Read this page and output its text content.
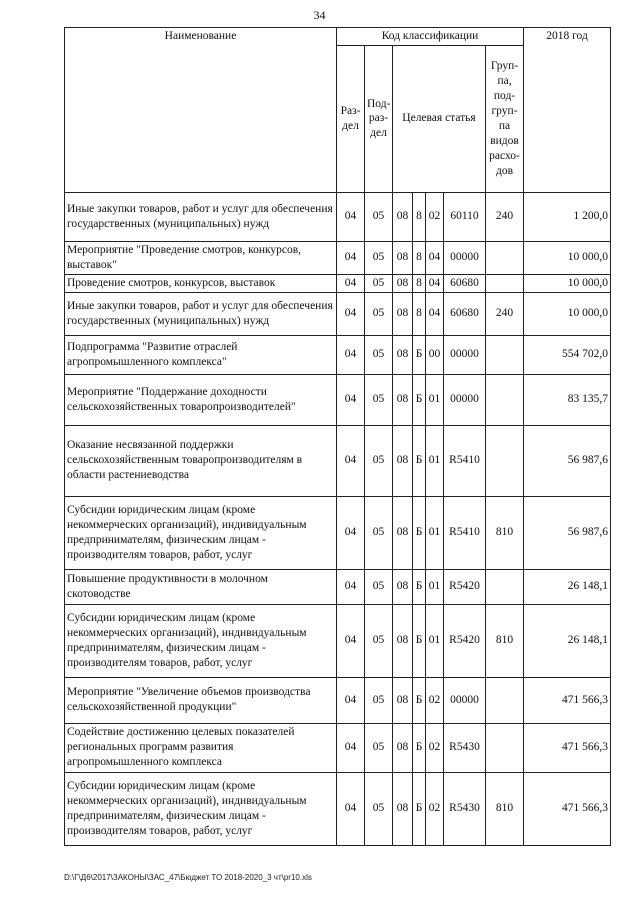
34
Наименование	Код классификации							2018 год
	Раз-дел	Под-раз-дел	Целевая статья				Груп-па, под-груп-па видов расхо-дов	
Иные закупки товаров, работ и услуг для обеспечения государственных (муниципальных) нужд	04	05	08	8	02	60110	240	1 200,0
Мероприятие "Проведение смотров, конкурсов, выставок"	04	05	08	8	04	00000		10 000,0
Проведение смотров, конкурсов, выставок	04	05	08	8	04	60680		10 000,0
Иные закупки товаров, работ и услуг для обеспечения государственных (муниципальных) нужд	04	05	08	8	04	60680	240	10 000,0
Подпрограмма "Развитие отраслей агропромышленного комплекса"	04	05	08	Б	00	00000		554 702,0
Мероприятие "Поддержание доходности сельскохозяйственных товаропроизводителей"	04	05	08	Б	01	00000		83 135,7
Оказание несвязанной поддержки сельскохозяйственным товаропроизводителям в области растениеводства	04	05	08	Б	01	R5410		56 987,6
Субсидии юридическим лицам (кроме некоммерческих организаций), индивидуальным предпринимателям, физическим лицам - производителям товаров, работ, услуг	04	05	08	Б	01	R5410	810	56 987,6
Повышение продуктивности в молочном скотоводстве	04	05	08	Б	01	R5420		26 148,1
Субсидии юридическим лицам (кроме некоммерческих организаций), индивидуальным предпринимателям, физическим лицам - производителям товаров, работ, услуг	04	05	08	Б	01	R5420	810	26 148,1
Мероприятие "Увеличение объемов производства сельскохозяйственной продукции"	04	05	08	Б	02	00000		471 566,3
Содействие достижению целевых показателей региональных программ развития агропромышленного комплекса	04	05	08	Б	02	R5430		471 566,3
Субсидии юридическим лицам (кроме некоммерческих организаций), индивидуальным предпринимателям, физическим лицам - производителям товаров, работ, услуг	04	05	08	Б	02	R5430	810	471 566,3
D:\Г\Д6\2017\ЗАКОНЫ\ЗАС_47\Бюджет ТО 2018-2020_3 чт\pr10.xls
